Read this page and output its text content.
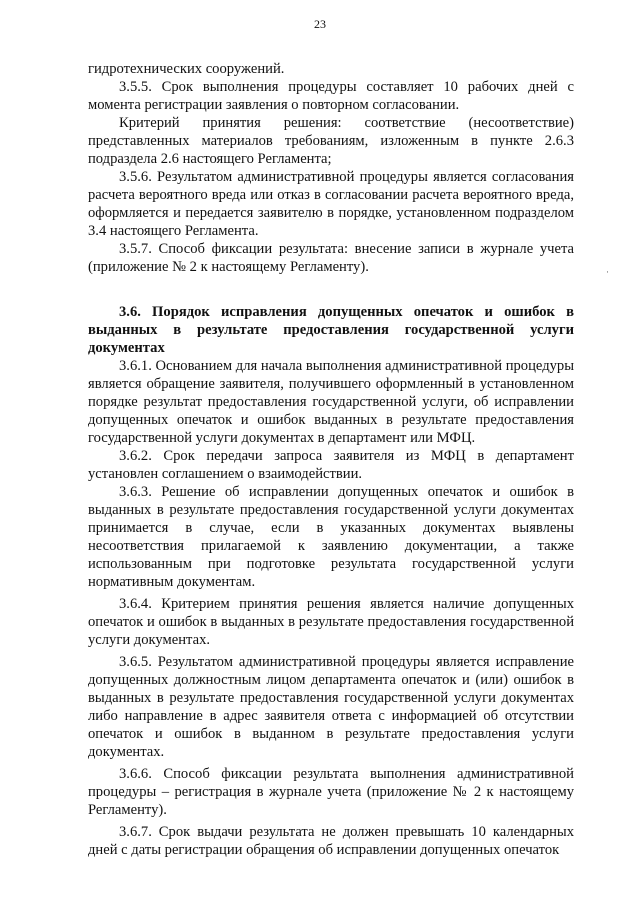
23

гидротехнических сооружений.

3.5.5. Срок выполнения процедуры составляет 10 рабочих дней с момента регистрации заявления о повторном согласовании.

Критерий принятия решения: соответствие (несоответствие) представленных материалов требованиям, изложенным в пункте 2.6.3 подраздела 2.6 настоящего Регламента;

3.5.6. Результатом административной процедуры является согласования расчета вероятного вреда или отказ в согласовании расчета вероятного вреда, оформляется и передается заявителю в порядке, установленном подразделом 3.4 настоящего Регламента.

3.5.7. Способ фиксации результата: внесение записи в журнале учета (приложение № 2 к настоящему Регламенту).

3.6. Порядок исправления допущенных опечаток и ошибок в выданных в результате предоставления государственной услуги документах

3.6.1. Основанием для начала выполнения административной процедуры является обращение заявителя, получившего оформленный в установленном порядке результат предоставления государственной услуги, об исправлении допущенных опечаток и ошибок выданных в результате предоставления государственной услуги документах в департамент или МФЦ.

3.6.2. Срок передачи запроса заявителя из МФЦ в департамент установлен соглашением о взаимодействии.

3.6.3. Решение об исправлении допущенных опечаток и ошибок в выданных в результате предоставления государственной услуги документах принимается в случае, если в указанных документах выявлены несоответствия прилагаемой к заявлению документации, а также использованным при подготовке результата государственной услуги нормативным документам.

3.6.4. Критерием принятия решения является наличие допущенных опечаток и ошибок в выданных в результате предоставления государственной услуги документах.

3.6.5. Результатом административной процедуры является исправление допущенных должностным лицом департамента опечаток и (или) ошибок в выданных в результате предоставления государственной услуги документах либо направление в адрес заявителя ответа с информацией об отсутствии опечаток и ошибок в выданном в результате предоставления услуги документах.

3.6.6. Способ фиксации результата выполнения административной процедуры – регистрация в журнале учета (приложение № 2 к настоящему Регламенту).

3.6.7. Срок выдачи результата не должен превышать 10 календарных дней с даты регистрации обращения об исправлении допущенных опечаток

·
